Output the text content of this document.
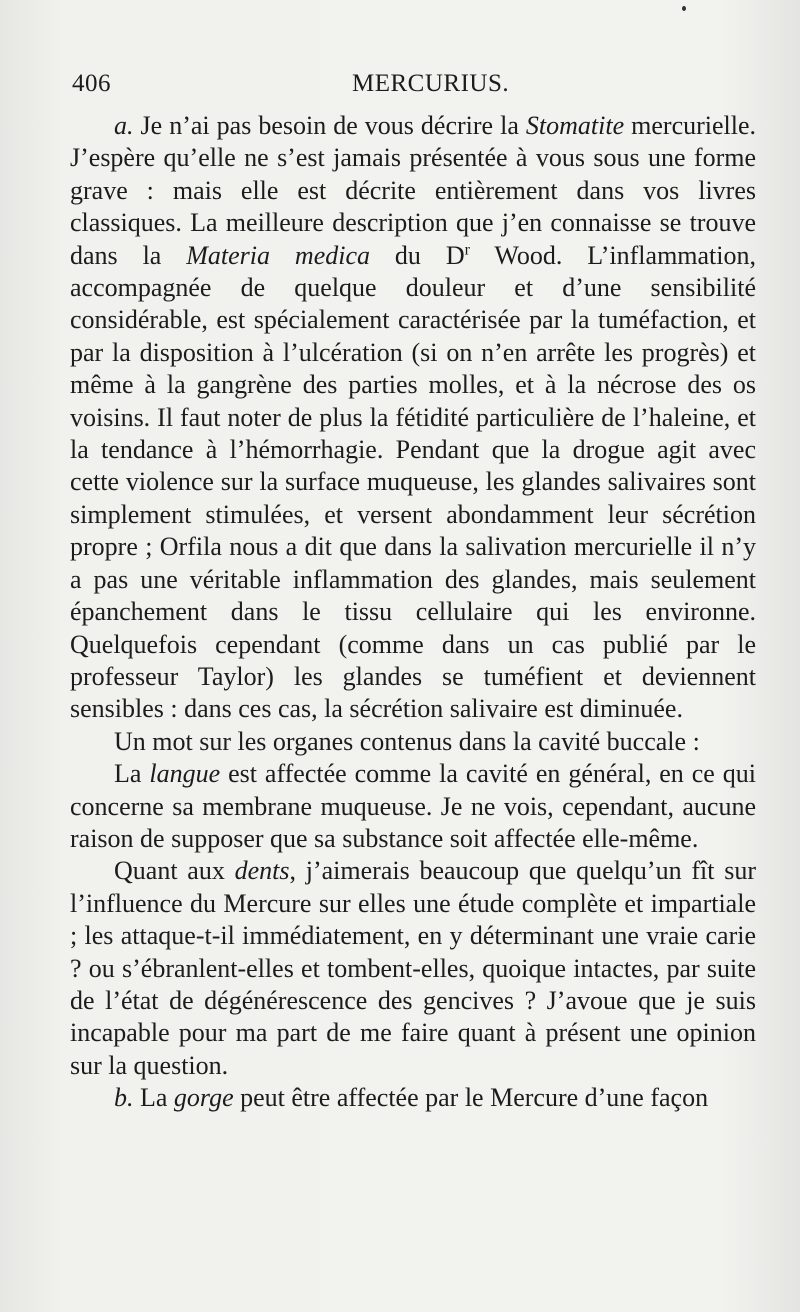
406	MERCURIUS.

a. Je n’ai pas besoin de vous décrire la Stomatite mercurielle. J’espère qu’elle ne s’est jamais présentée à vous sous une forme grave : mais elle est décrite entièrement dans vos livres classiques. La meilleure description que j’en connaisse se trouve dans la Materia medica du $D^r$ Wood. L’inflammation, accompagnée de quelque douleur et d’une sensibilité considérable, est spécialement caractérisée par la tuméfaction, et par la disposition à l’ulcération (si on n’en arrête les progrès) et même à la gangrène des parties molles, et à la nécrose des os voisins. Il faut noter de plus la fétidité particulière de l’haleine, et la tendance à l’hémorrhagie. Pendant que la drogue agit avec cette violence sur la surface muqueuse, les glandes salivaires sont simplement stimulées, et versent abondamment leur sécrétion propre ; Orfila nous a dit que dans la salivation mercurielle il n’y a pas une véritable inflammation des glandes, mais seulement épanchement dans le tissu cellulaire qui les environne. Quelquefois cependant (comme dans un cas publié par le professeur Taylor) les glandes se tuméfient et deviennent sensibles : dans ces cas, la sécrétion salivaire est diminuée.

Un mot sur les organes contenus dans la cavité buccale :

La langue est affectée comme la cavité en général, en ce qui concerne sa membrane muqueuse. Je ne vois, cependant, aucune raison de supposer que sa substance soit affectée elle-même.

Quant aux dents, j’aimerais beaucoup que quelqu’un fît sur l’influence du Mercure sur elles une étude complète et impartiale ; les attaque-t-il immédiatement, en y déterminant une vraie carie ? ou s’ébranlent-elles et tombent-elles, quoique intactes, par suite de l’état de dégénérescence des gencives ? J’avoue que je suis incapable pour ma part de me faire quant à présent une opinion sur la question.

b. La gorge peut être affectée par le Mercure d’une façon
